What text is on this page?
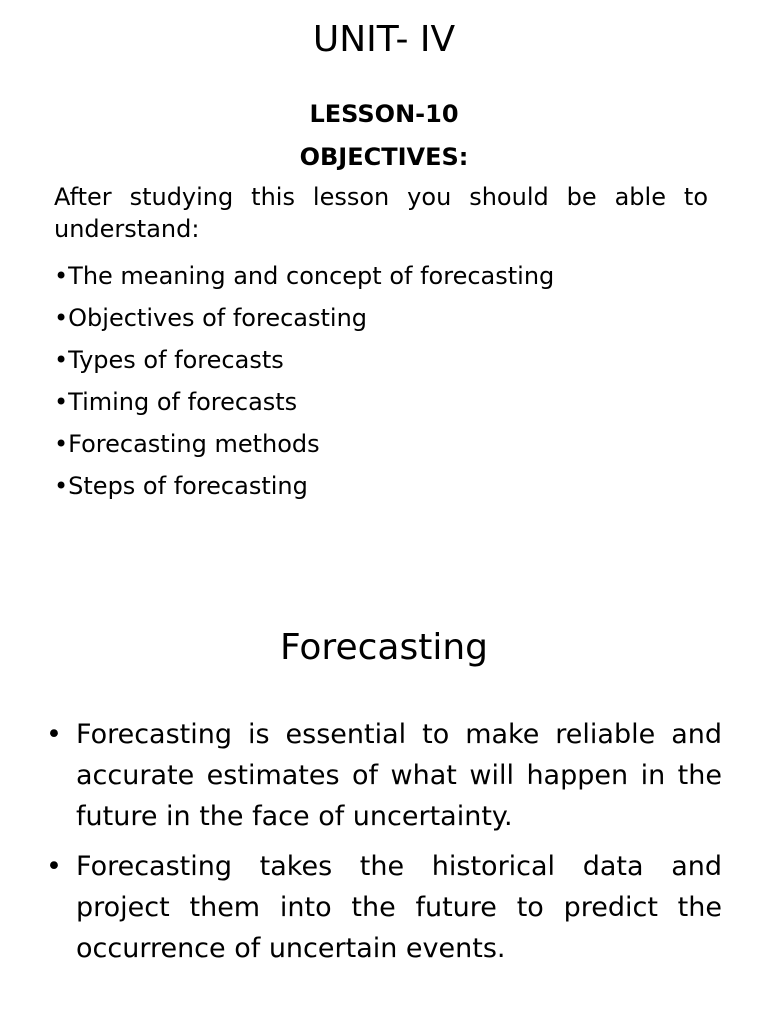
UNIT- IV
LESSON-10
OBJECTIVES:

After studying this lesson you should be able to understand:

•The meaning and concept of forecasting
•Objectives of forecasting
•Types of forecasts
•Timing of forecasts
•Forecasting methods
•Steps of forecasting
Forecasting
• Forecasting is essential to make reliable and accurate estimates of what will happen in the future in the face of uncertainty.
• Forecasting takes the historical data and project them into the future to predict the occurrence of uncertain events.
